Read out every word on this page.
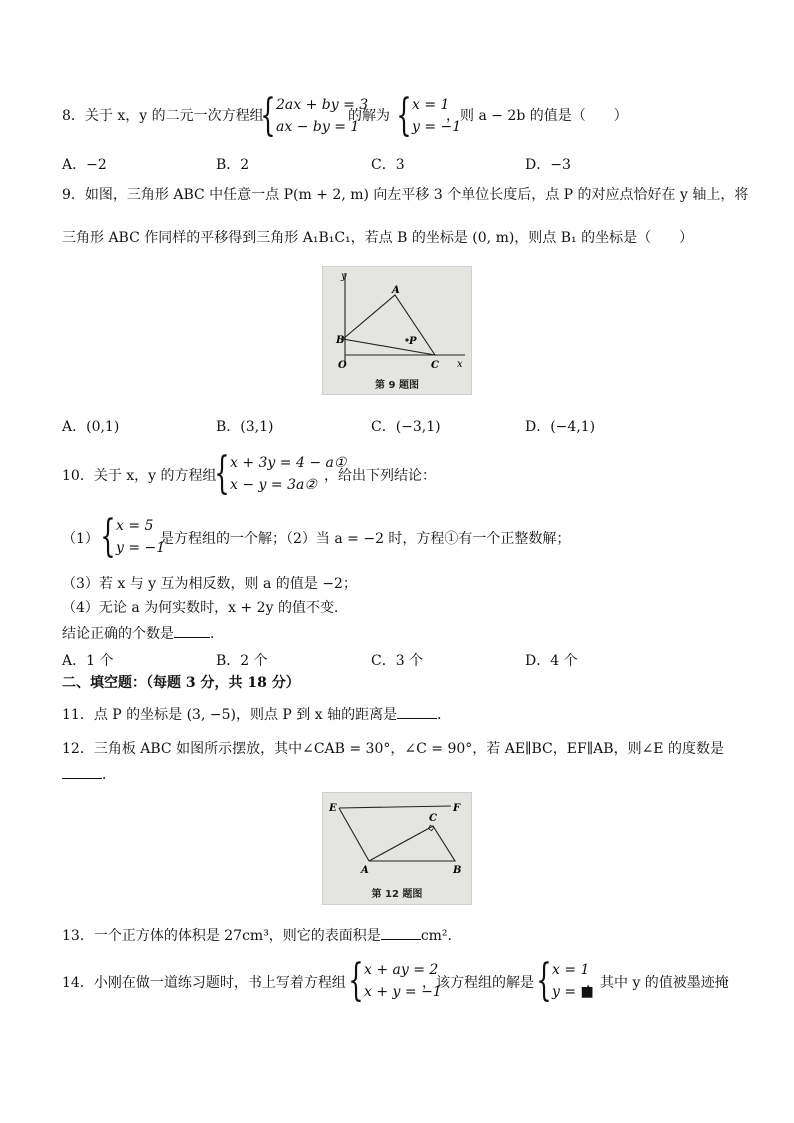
8．关于 x，y 的二元一次方程组
{ 2ax + by = 3
ax − by = 1
的解为 { x = 1
y = −1
，则 a − 2b 的值是（　　）
A．−2	B．2	C．3	D．−3
9．如图，三角形 ABC 中任意一点 P(m + 2, m) 向左平移 3 个单位长度后，点 P 的对应点恰好在 y 轴上，将
三角形 ABC 作同样的平移得到三角形 A₁B₁C₁，若点 B 的坐标是 (0, m)，则点 B₁ 的坐标是（　　）
y
A
B	P
O	C x
第 9 题图
A．(0,1)	B．(3,1)	C．(−3,1)	D．(−4,1)
10．关于 x，y 的方程组
{ x + 3y = 4 − a①
x − y = 3a②
，给出下列结论：
（1） { x = 5
y = −1
是方程组的一个解；（2）当 a = −2 时，方程①有一个正整数解；
（3）若 x 与 y 互为相反数，则 a 的值是 −2；
（4）无论 a 为何实数时，x + 2y 的值不变．
结论正确的个数是	．
A．1 个	B．2 个	C．3 个	D．4 个
二、填空题：（每题 3 分，共 18 分）
11．点 P 的坐标是 (3, −5)，则点 P 到 x 轴的距离是	．
12．三角板 ABC 如图所示摆放，其中∠CAB = 30°，∠C = 90°，若 AE∥BC，EF∥AB，则∠E 的度数是
．
E	F
C
A	B
第 12 题图
13．一个正方体的体积是 27cm³，则它的表面积是	cm²．
14．小刚在做一道练习题时，书上写着方程组 { x + ay = 2
x + y = −1
，该方程组的解是 { x = 1
y = ■
，其中 y 的值被墨迹掩
